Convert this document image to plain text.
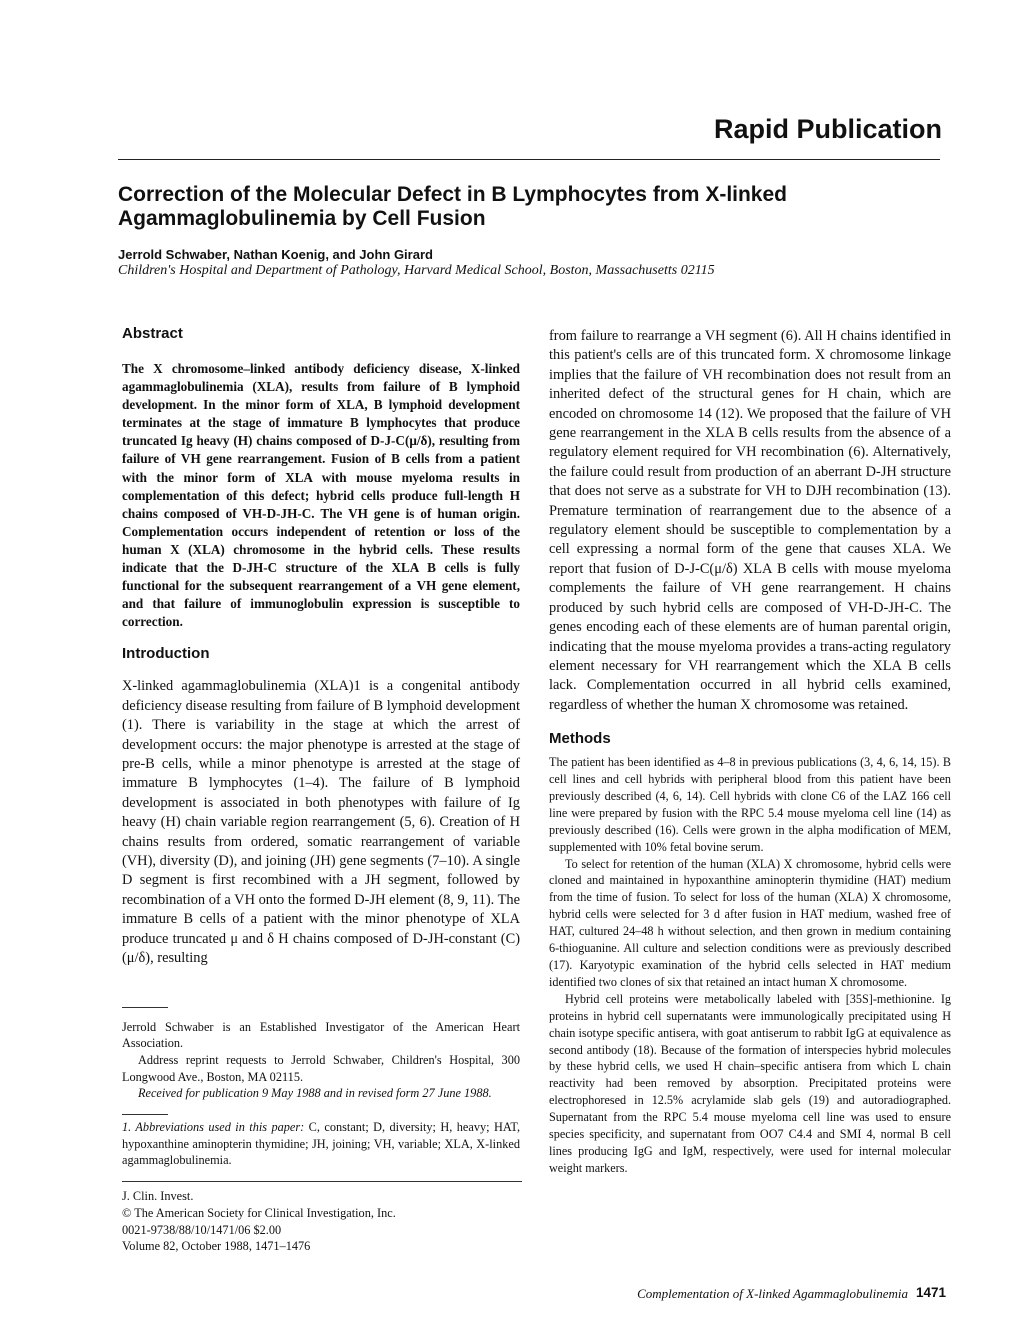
Rapid Publication
Correction of the Molecular Defect in B Lymphocytes from X-linked Agammaglobulinemia by Cell Fusion
Jerrold Schwaber, Nathan Koenig, and John Girard
Children's Hospital and Department of Pathology, Harvard Medical School, Boston, Massachusetts 02115
Abstract

The X chromosome–linked antibody deficiency disease, X-linked agammaglobulinemia (XLA), results from failure of B lymphoid development. In the minor form of XLA, B lymphoid development terminates at the stage of immature B lymphocytes that produce truncated Ig heavy (H) chains composed of D-J-C(μ/δ), resulting from failure of VH gene rearrangement. Fusion of B cells from a patient with the minor form of XLA with mouse myeloma results in complementation of this defect; hybrid cells produce full-length H chains composed of VH-D-JH-C. The VH gene is of human origin. Complementation occurs independent of retention or loss of the human X (XLA) chromosome in the hybrid cells. These results indicate that the D-JH-C structure of the XLA B cells is fully functional for the subsequent rearrangement of a VH gene element, and that failure of immunoglobulin expression is susceptible to correction.

Introduction

X-linked agammaglobulinemia (XLA)1 is a congenital antibody deficiency disease resulting from failure of B lymphoid development (1). There is variability in the stage at which the arrest of development occurs: the major phenotype is arrested at the stage of pre-B cells, while a minor phenotype is arrested at the stage of immature B lymphocytes (1–4). The failure of B lymphoid development is associated in both phenotypes with failure of Ig heavy (H) chain variable region rearrangement (5, 6). Creation of H chains results from ordered, somatic rearrangement of variable (VH), diversity (D), and joining (JH) gene segments (7–10). A single D segment is first recombined with a JH segment, followed by recombination of a VH onto the formed D-JH element (8, 9, 11). The immature B cells of a patient with the minor phenotype of XLA produce truncated μ and δ H chains composed of D-JH-constant (C)(μ/δ), resulting

Jerrold Schwaber is an Established Investigator of the American Heart Association.

Address reprint requests to Jerrold Schwaber, Children's Hospital, 300 Longwood Ave., Boston, MA 02115.

Received for publication 9 May 1988 and in revised form 27 June 1988.

1. Abbreviations used in this paper: C, constant; D, diversity; H, heavy; HAT, hypoxanthine aminopterin thymidine; JH, joining; VH, variable; XLA, X-linked agammaglobulinemia.

J. Clin. Invest.
© The American Society for Clinical Investigation, Inc.
0021-9738/88/10/1471/06 $2.00
Volume 82, October 1988, 1471–1476

from failure to rearrange a VH segment (6). All H chains identified in this patient's cells are of this truncated form. X chromosome linkage implies that the failure of VH recombination does not result from an inherited defect of the structural genes for H chain, which are encoded on chromosome 14 (12). We proposed that the failure of VH gene rearrangement in the XLA B cells results from the absence of a regulatory element required for VH recombination (6). Alternatively, the failure could result from production of an aberrant D-JH structure that does not serve as a substrate for VH to DJH recombination (13). Premature termination of rearrangement due to the absence of a regulatory element should be susceptible to complementation by a cell expressing a normal form of the gene that causes XLA. We report that fusion of D-J-C(μ/δ) XLA B cells with mouse myeloma complements the failure of VH gene rearrangement. H chains produced by such hybrid cells are composed of VH-D-JH-C. The genes encoding each of these elements are of human parental origin, indicating that the mouse myeloma provides a trans-acting regulatory element necessary for VH rearrangement which the XLA B cells lack. Complementation occurred in all hybrid cells examined, regardless of whether the human X chromosome was retained.

Methods

The patient has been identified as 4–8 in previous publications (3, 4, 6, 14, 15). B cell lines and cell hybrids with peripheral blood from this patient have been previously described (4, 6, 14). Cell hybrids with clone C6 of the LAZ 166 cell line were prepared by fusion with the RPC 5.4 mouse myeloma cell line (14) as previously described (16). Cells were grown in the alpha modification of MEM, supplemented with 10% fetal bovine serum.

To select for retention of the human (XLA) X chromosome, hybrid cells were cloned and maintained in hypoxanthine aminopterin thymidine (HAT) medium from the time of fusion. To select for loss of the human (XLA) X chromosome, hybrid cells were selected for 3 d after fusion in HAT medium, washed free of HAT, cultured 24–48 h without selection, and then grown in medium containing 6-thioguanine. All culture and selection conditions were as previously described (17). Karyotypic examination of the hybrid cells selected in HAT medium identified two clones of six that retained an intact human X chromosome.

Hybrid cell proteins were metabolically labeled with [35S]-methionine. Ig proteins in hybrid cell supernatants were immunologically precipitated using H chain isotype specific antisera, with goat antiserum to rabbit IgG at equivalence as second antibody (18). Because of the formation of interspecies hybrid molecules by these hybrid cells, we used H chain–specific antisera from which L chain reactivity had been removed by absorption. Precipitated proteins were electrophoresed in 12.5% acrylamide slab gels (19) and autoradiographed. Supernatant from the RPC 5.4 mouse myeloma cell line was used to ensure species specificity, and supernatant from OO7 C4.4 and SMI 4, normal B cell lines producing IgG and IgM, respectively, were used for internal molecular weight markers.

Complementation of X-linked Agammaglobulinemia 1471
